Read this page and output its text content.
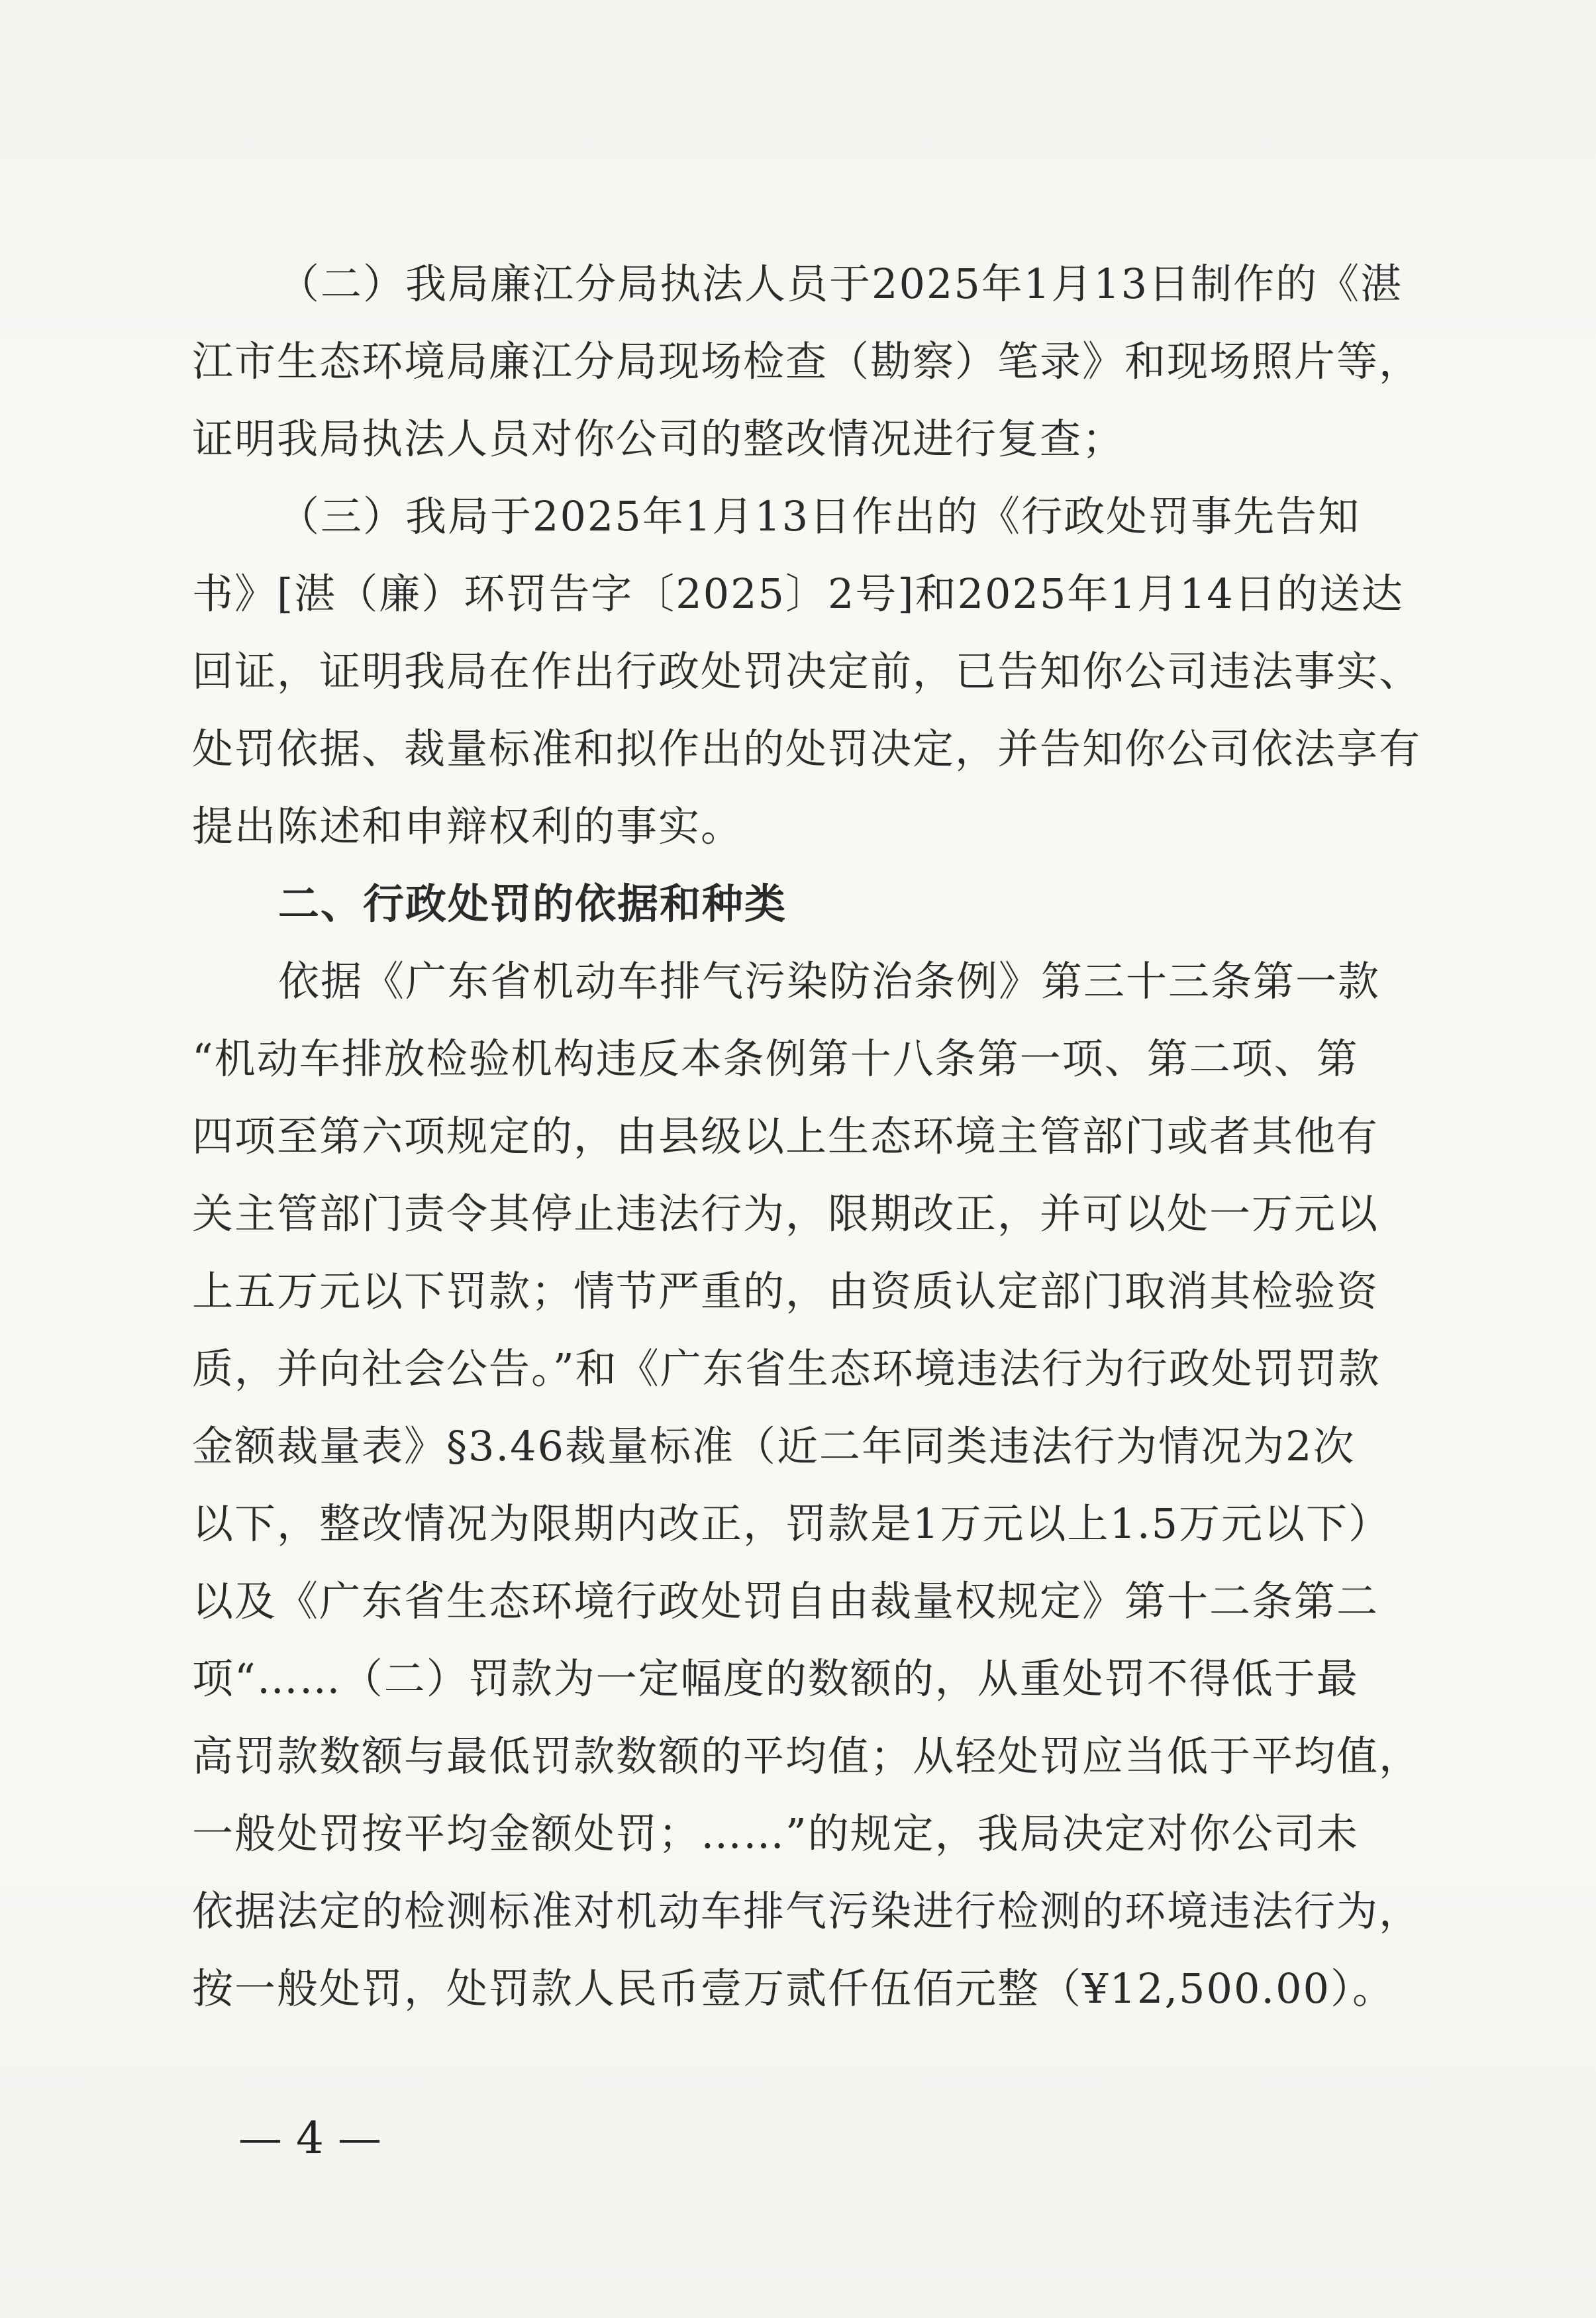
（二）我局廉江分局执法人员于2025年1月13日制作的《湛
江市生态环境局廉江分局现场检查（勘察）笔录》和现场照片等，
证明我局执法人员对你公司的整改情况进行复查；
（三）我局于2025年1月13日作出的《行政处罚事先告知
书》[湛（廉）环罚告字〔2025〕2号]和2025年1月14日的送达
回证，证明我局在作出行政处罚决定前，已告知你公司违法事实、
处罚依据、裁量标准和拟作出的处罚决定，并告知你公司依法享有
提出陈述和申辩权利的事实。
二、行政处罚的依据和种类
依据《广东省机动车排气污染防治条例》第三十三条第一款
“机动车排放检验机构违反本条例第十八条第一项、第二项、第
四项至第六项规定的，由县级以上生态环境主管部门或者其他有
关主管部门责令其停止违法行为，限期改正，并可以处一万元以
上五万元以下罚款；情节严重的，由资质认定部门取消其检验资
质，并向社会公告。”和《广东省生态环境违法行为行政处罚罚款
金额裁量表》§3.46裁量标准（近二年同类违法行为情况为2次
以下，整改情况为限期内改正，罚款是1万元以上1.5万元以下）
以及《广东省生态环境行政处罚自由裁量权规定》第十二条第二
项“……（二）罚款为一定幅度的数额的，从重处罚不得低于最
高罚款数额与最低罚款数额的平均值；从轻处罚应当低于平均值，
一般处罚按平均金额处罚；……”的规定，我局决定对你公司未
依据法定的检测标准对机动车排气污染进行检测的环境违法行为，
按一般处罚，处罚款人民币壹万贰仟伍佰元整（¥12,500.00）。
— 4 —
